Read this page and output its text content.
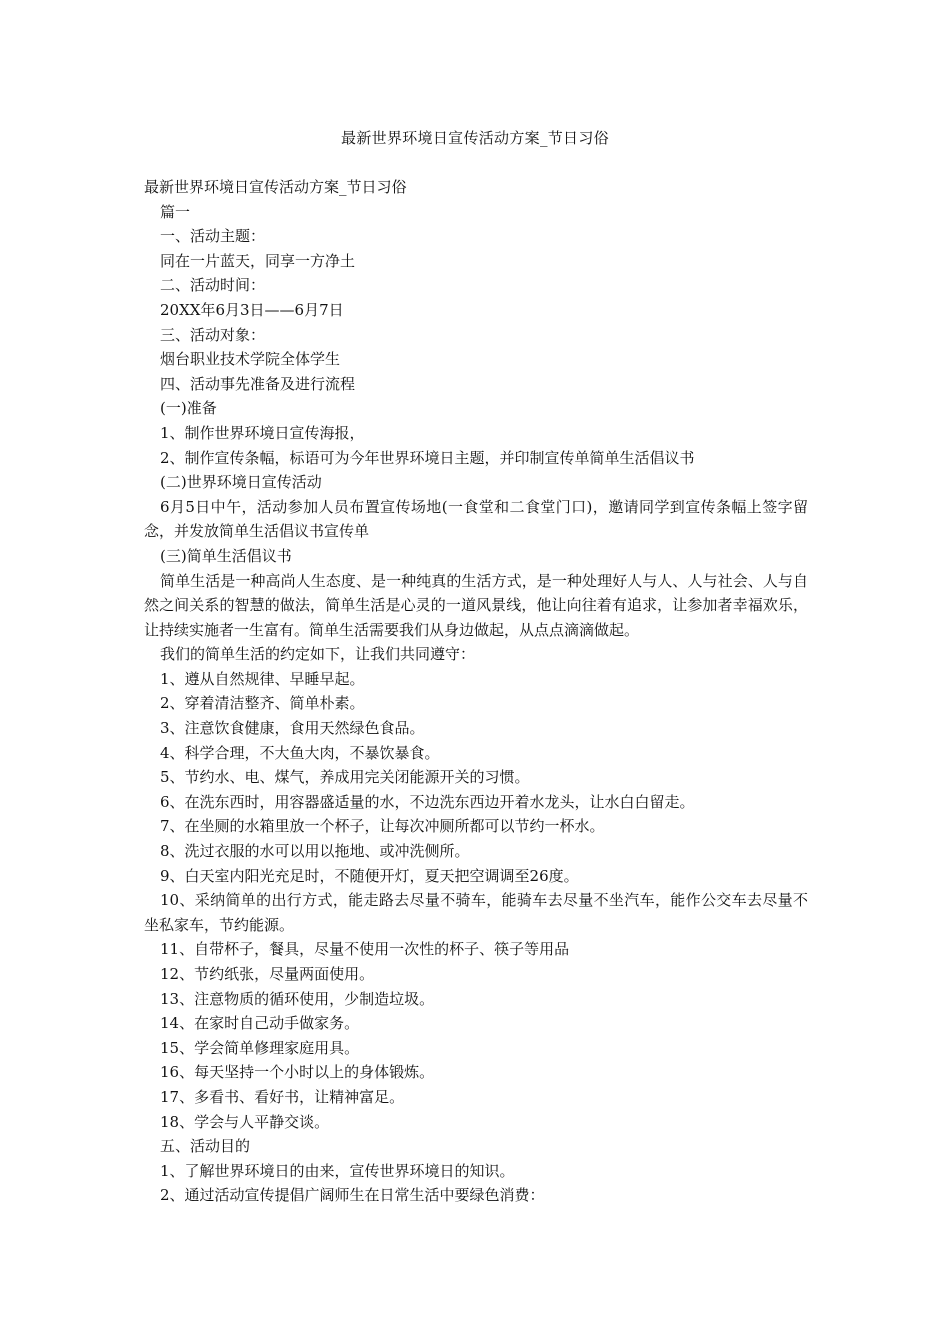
最新世界环境日宣传活动方案_节日习俗

最新世界环境日宣传活动方案_节日习俗

篇一

一、活动主题：

同在一片蓝天，同享一方净土

二、活动时间：

20XX年6月3日——6月7日

三、活动对象：

烟台职业技术学院全体学生

四、活动事先准备及进行流程

(一)准备

1、制作世界环境日宣传海报，

2、制作宣传条幅，标语可为今年世界环境日主题，并印制宣传单简单生活倡议书

(二)世界环境日宣传活动

6月5日中午，活动参加人员布置宣传场地(一食堂和二食堂门口)，邀请同学到宣传条幅上签字留念，并发放简单生活倡议书宣传单

(三)简单生活倡议书

简单生活是一种高尚人生态度、是一种纯真的生活方式，是一种处理好人与人、人与社会、人与自然之间关系的智慧的做法，简单生活是心灵的一道风景线，他让向往着有追求，让参加者幸福欢乐，让持续实施者一生富有。简单生活需要我们从身边做起，从点点滴滴做起。

我们的简单生活的约定如下，让我们共同遵守：

1、遵从自然规律、早睡早起。

2、穿着清洁整齐、简单朴素。

3、注意饮食健康，食用天然绿色食品。

4、科学合理，不大鱼大肉，不暴饮暴食。

5、节约水、电、煤气，养成用完关闭能源开关的习惯。

6、在洗东西时，用容器盛适量的水，不边洗东西边开着水龙头，让水白白留走。

7、在坐厕的水箱里放一个杯子，让每次冲厕所都可以节约一杯水。

8、洗过衣服的水可以用以拖地、或冲洗侧所。

9、白天室内阳光充足时，不随便开灯，夏天把空调调至26度。

10、采纳简单的出行方式，能走路去尽量不骑车，能骑车去尽量不坐汽车，能作公交车去尽量不坐私家车，节约能源。

11、自带杯子，餐具，尽量不使用一次性的杯子、筷子等用品

12、节约纸张，尽量两面使用。

13、注意物质的循环使用，少制造垃圾。

14、在家时自己动手做家务。

15、学会简单修理家庭用具。

16、每天坚持一个小时以上的身体锻炼。

17、多看书、看好书，让精神富足。

18、学会与人平静交谈。

五、活动目的

1、了解世界环境日的由来，宣传世界环境日的知识。

2、通过活动宣传提倡广阔师生在日常生活中要绿色消费：
